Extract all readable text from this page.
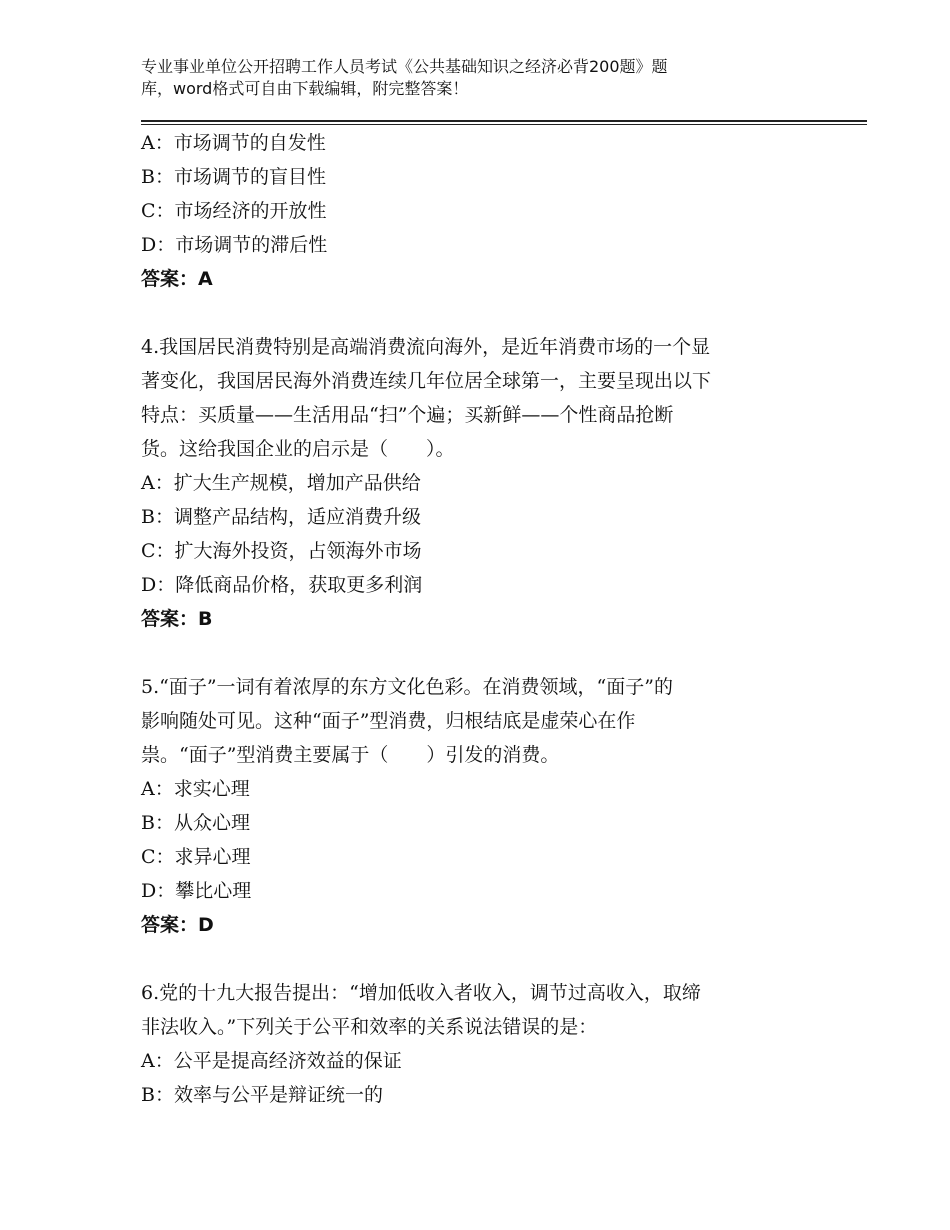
专业事业单位公开招聘工作人员考试《公共基础知识之经济必背200题》题
库，word格式可自由下载编辑，附完整答案！
A：市场调节的自发性
B：市场调节的盲目性
C：市场经济的开放性
D：市场调节的滞后性
答案：A
4.我国居民消费特别是高端消费流向海外，是近年消费市场的一个显
著变化，我国居民海外消费连续几年位居全球第一，主要呈现出以下
特点：买质量——生活用品“扫”个遍；买新鲜——个性商品抢断
货。这给我国企业的启示是（　　）。
A：扩大生产规模，增加产品供给
B：调整产品结构，适应消费升级
C：扩大海外投资，占领海外市场
D：降低商品价格，获取更多利润
答案：B
5.“面子”一词有着浓厚的东方文化色彩。在消费领域，“面子”的
影响随处可见。这种“面子”型消费，归根结底是虚荣心在作
祟。“面子”型消费主要属于（　　）引发的消费。
A：求实心理
B：从众心理
C：求异心理
D：攀比心理
答案：D
6.党的十九大报告提出：“增加低收入者收入，调节过高收入，取缔
非法收入。”下列关于公平和效率的关系说法错误的是：
A：公平是提高经济效益的保证
B：效率与公平是辩证统一的
